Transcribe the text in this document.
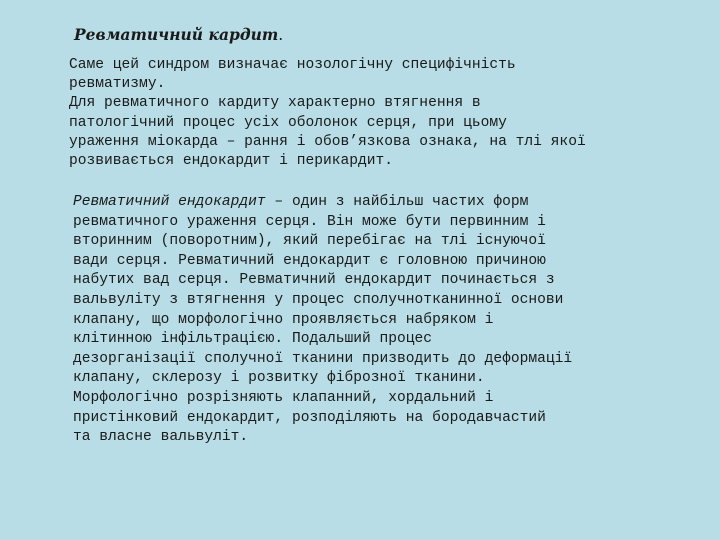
Ревматичний кардит.
Саме цей синдром визначає нозологічну специфічність
ревматизму.
Для ревматичного кардиту характерно втягнення в
патологічний процес усіх оболонок серця, при цьому
ураження міокарда – рання і обов’язкова ознака, на тлі якої
розвивається ендокардит і перикардит.
Ревматичний ендокардит – один з найбільш частих форм
ревматичного ураження серця. Він може бути первинним і
вторинним (поворотним), який перебігає на тлі існуючої
вади серця. Ревматичний ендокардит є головною причиною
набутих вад серця. Ревматичний ендокардит починається з
вальвуліту з втягнення у процес сполучнотканинної основи
клапану, що морфологічно проявляється набряком і
клітинною інфільтрацією. Подальший процес
дезорганізації сполучної тканини призводить до деформації
клапану, склерозу і розвитку фіброзної тканини.
Морфологічно розрізняють клапанний, хордальний і
пристінковий ендокардит, розподіляють на бородавчастий
та власне вальвуліт.
